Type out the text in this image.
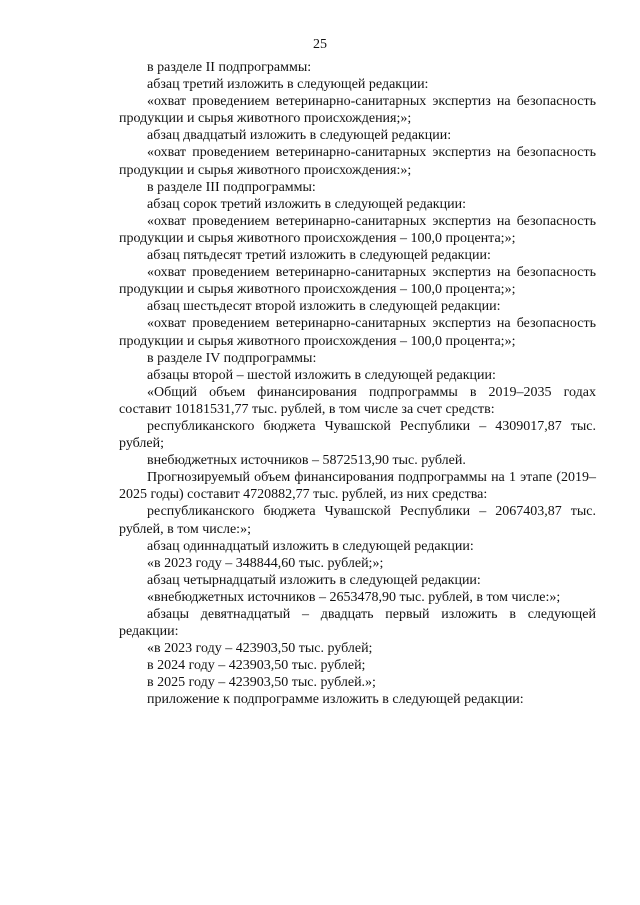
25

в разделе II подпрограммы:

абзац третий изложить в следующей редакции:

«охват проведением ветеринарно-санитарных экспертиз на безопасность продукции и сырья животного происхождения;»;

абзац двадцатый изложить в следующей редакции:

«охват проведением ветеринарно-санитарных экспертиз на безопасность продукции и сырья животного происхождения:»;

в разделе III подпрограммы:

абзац сорок третий изложить в следующей редакции:

«охват проведением ветеринарно-санитарных экспертиз на безопасность продукции и сырья животного происхождения – 100,0 процента;»;

абзац пятьдесят третий изложить в следующей редакции:

«охват проведением ветеринарно-санитарных экспертиз на безопасность продукции и сырья животного происхождения – 100,0 процента;»;

абзац шестьдесят второй изложить в следующей редакции:

«охват проведением ветеринарно-санитарных экспертиз на безопасность продукции и сырья животного происхождения – 100,0 процента;»;

в разделе IV подпрограммы:

абзацы второй – шестой изложить в следующей редакции:

«Общий объем финансирования подпрограммы в 2019–2035 годах составит 10181531,77 тыс. рублей, в том числе за счет средств:

республиканского бюджета Чувашской Республики – 4309017,87 тыс. рублей;

внебюджетных источников – 5872513,90 тыс. рублей.

Прогнозируемый объем финансирования подпрограммы на 1 этапе (2019–2025 годы) составит 4720882,77 тыс. рублей, из них средства:

республиканского бюджета Чувашской Республики – 2067403,87 тыс. рублей, в том числе:»;

абзац одиннадцатый изложить в следующей редакции:

«в 2023 году – 348844,60 тыс. рублей;»;

абзац четырнадцатый изложить в следующей редакции:

«внебюджетных источников – 2653478,90 тыс. рублей, в том числе:»;

абзацы девятнадцатый – двадцать первый изложить в следующей редакции:

«в 2023 году – 423903,50 тыс. рублей;

в 2024 году – 423903,50 тыс. рублей;

в 2025 году – 423903,50 тыс. рублей.»;

приложение к подпрограмме изложить в следующей редакции:
